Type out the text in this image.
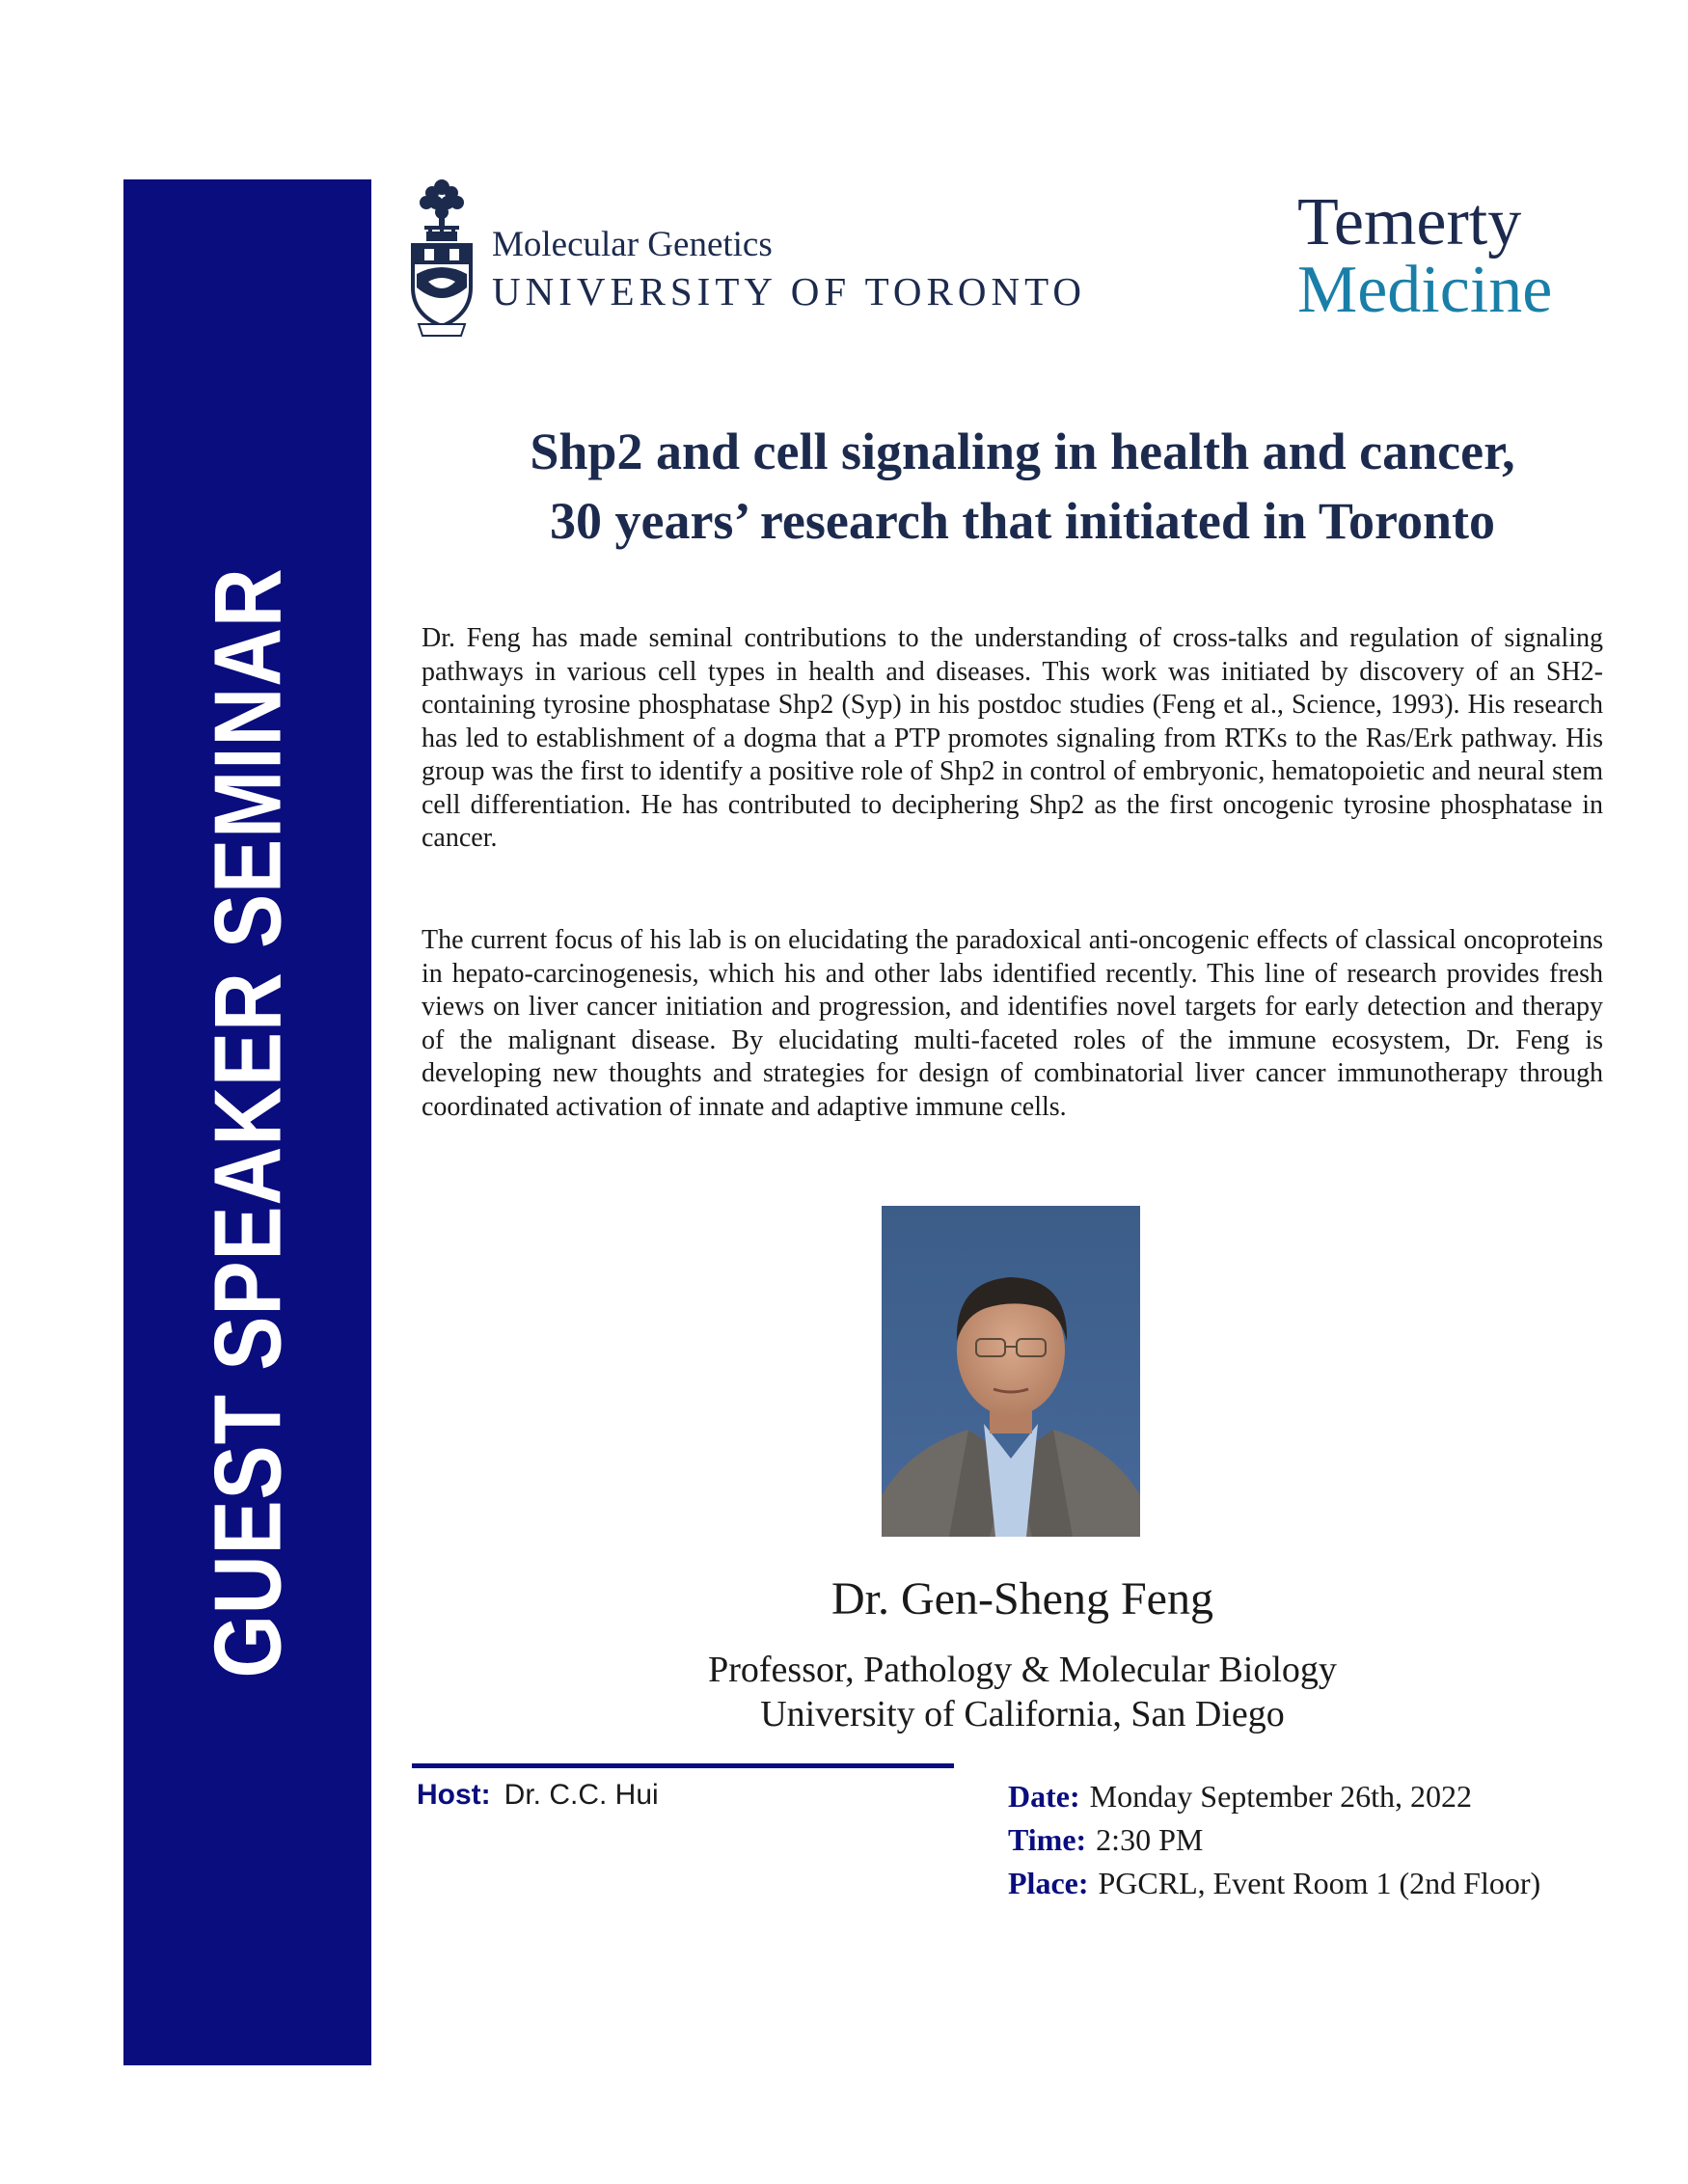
GUEST SPEAKER SEMINAR
Molecular Genetics
UNIVERSITY OF TORONTO
Temerty
Medicine
Shp2 and cell signaling in health and cancer,
30 years’ research that initiated in Toronto
Dr. Feng has made seminal contributions to the understanding of cross-talks and regulation of signaling pathways in various cell types in health and diseases. This work was initiated by discovery of an SH2-containing tyrosine phosphatase Shp2 (Syp) in his postdoc studies (Feng et al., Science, 1993). His research has led to establishment of a dogma that a PTP promotes signaling from RTKs to the Ras/Erk pathway. His group was the first to identify a positive role of Shp2 in control of embryonic, hematopoietic and neural stem cell differentiation. He has contributed to deciphering Shp2 as the first oncogenic tyrosine phosphatase in cancer.
The current focus of his lab is on elucidating the paradoxical anti-oncogenic effects of classical oncoproteins in hepato-carcinogenesis, which his and other labs identified recently. This line of research provides fresh views on liver cancer initiation and progression, and identifies novel targets for early detection and therapy of the malignant disease. By elucidating multi-faceted roles of the immune ecosystem, Dr. Feng is developing new thoughts and strategies for design of combinatorial liver cancer immunotherapy through coordinated activation of innate and adaptive immune cells.
Dr. Gen-Sheng Feng
Professor, Pathology & Molecular Biology
University of California, San Diego
Host: Dr. C.C. Hui	Date: Monday September 26th, 2022
Time: 2:30 PM
Place: PGCRL, Event Room 1 (2nd Floor)
